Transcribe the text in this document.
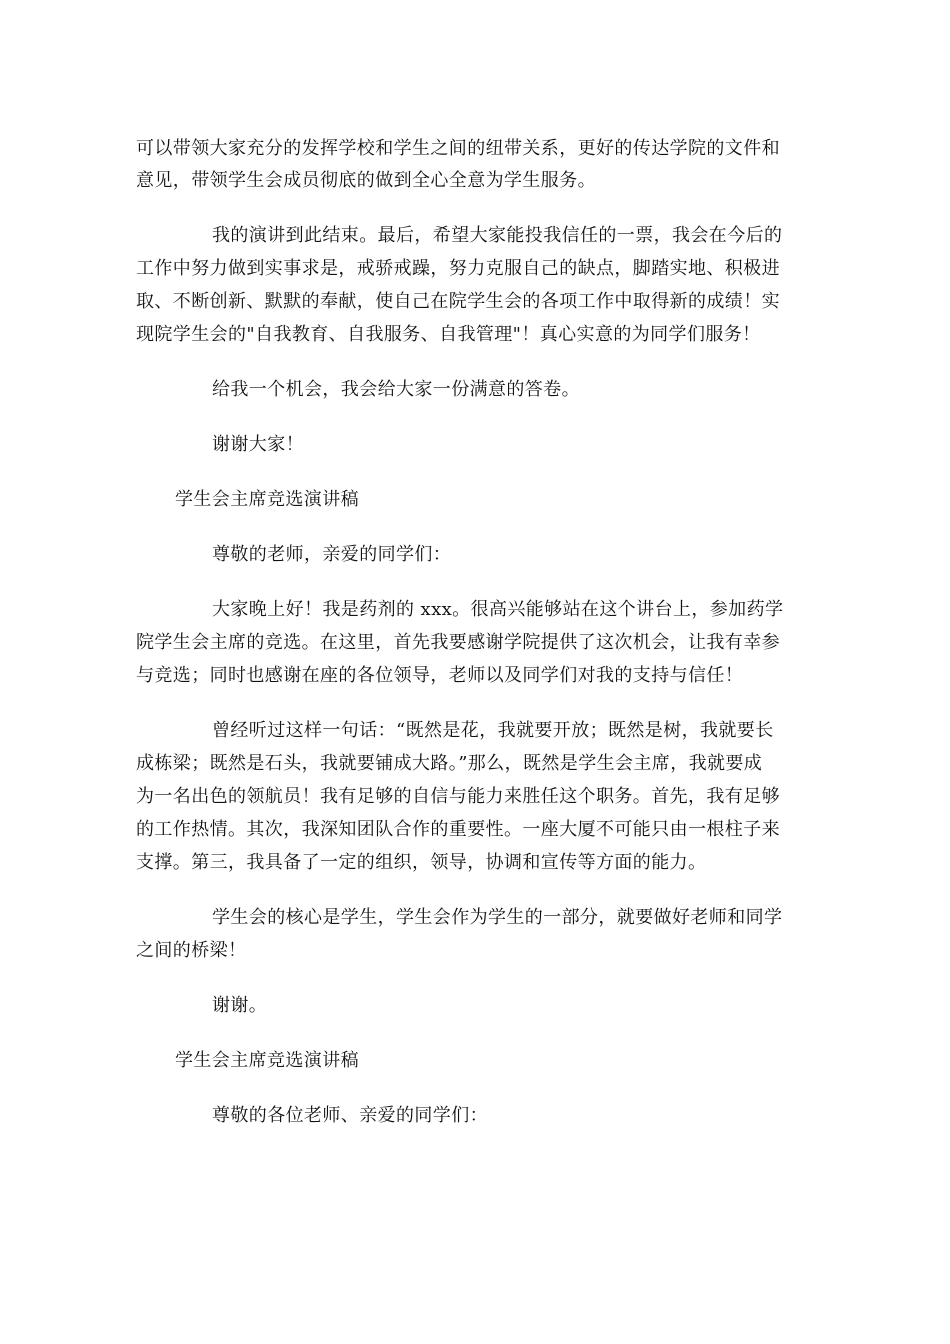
可以带领大家充分的发挥学校和学生之间的纽带关系，更好的传达学院的文件和
意见，带领学生会成员彻底的做到全心全意为学生服务。
我的演讲到此结束。最后，希望大家能投我信任的一票，我会在今后的
工作中努力做到实事求是，戒骄戒躁，努力克服自己的缺点，脚踏实地、积极进
取、不断创新、默默的奉献，使自己在院学生会的各项工作中取得新的成绩！实
现院学生会的"自我教育、自我服务、自我管理"！真心实意的为同学们服务！
给我一个机会，我会给大家一份满意的答卷。
谢谢大家！
学生会主席竞选演讲稿
尊敬的老师，亲爱的同学们：
大家晚上好！我是药剂的 xxx。很高兴能够站在这个讲台上，参加药学
院学生会主席的竞选。在这里，首先我要感谢学院提供了这次机会，让我有幸参
与竞选；同时也感谢在座的各位领导，老师以及同学们对我的支持与信任！
曾经听过这样一句话：“既然是花，我就要开放；既然是树，我就要长
成栋梁；既然是石头，我就要铺成大路。”那么，既然是学生会主席，我就要成
为一名出色的领航员！我有足够的自信与能力来胜任这个职务。首先，我有足够
的工作热情。其次，我深知团队合作的重要性。一座大厦不可能只由一根柱子来
支撑。第三，我具备了一定的组织，领导，协调和宣传等方面的能力。
学生会的核心是学生，学生会作为学生的一部分，就要做好老师和同学
之间的桥梁！
谢谢。
学生会主席竞选演讲稿
尊敬的各位老师、亲爱的同学们：
